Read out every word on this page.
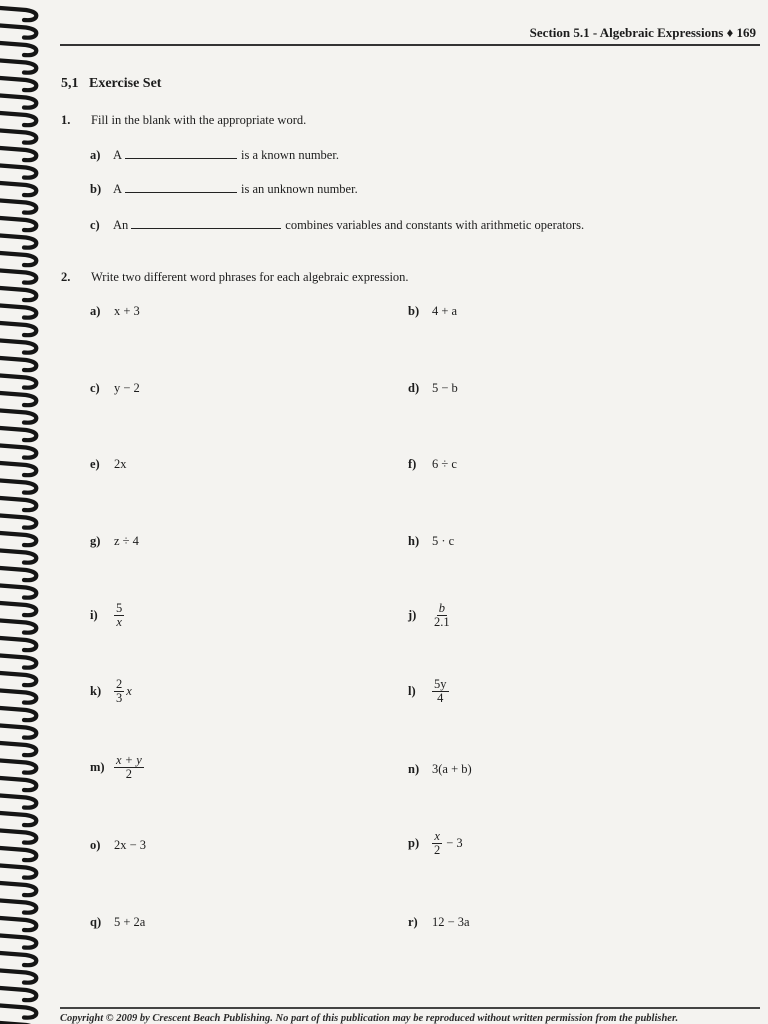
Section 5.1 - Algebraic Expressions ♦ 169
5,1   Exercise Set
1. Fill in the blank with the appropriate word.
a) A	is a known number.
b) A	is an unknown number.
c) An	combines variables and constants with arithmetic operators.
2. Write two different word phrases for each algebraic expression.
a)	x + 3	b)	4 + a
c)	y − 2	d)	5 − b
e)	2x	f)	6 ÷ c
g)	z ÷ 4	h)	5 · c
i)	$\frac{5}{x}$	j)	$\frac{b}{2.1}$
k)	$\frac{2}{3}$ x	l)	$\frac{5y}{4}$
$m) \frac{x + y}{2}$	n)	3(a + b)
o)	2x − 3	p)	$\frac{x}{2} - 3$
q)	5 + 2a	r)	12 − 3a
Copyright © 2009 by Crescent Beach Publishing. No part of this publication may be reproduced without written permission from the publisher.
